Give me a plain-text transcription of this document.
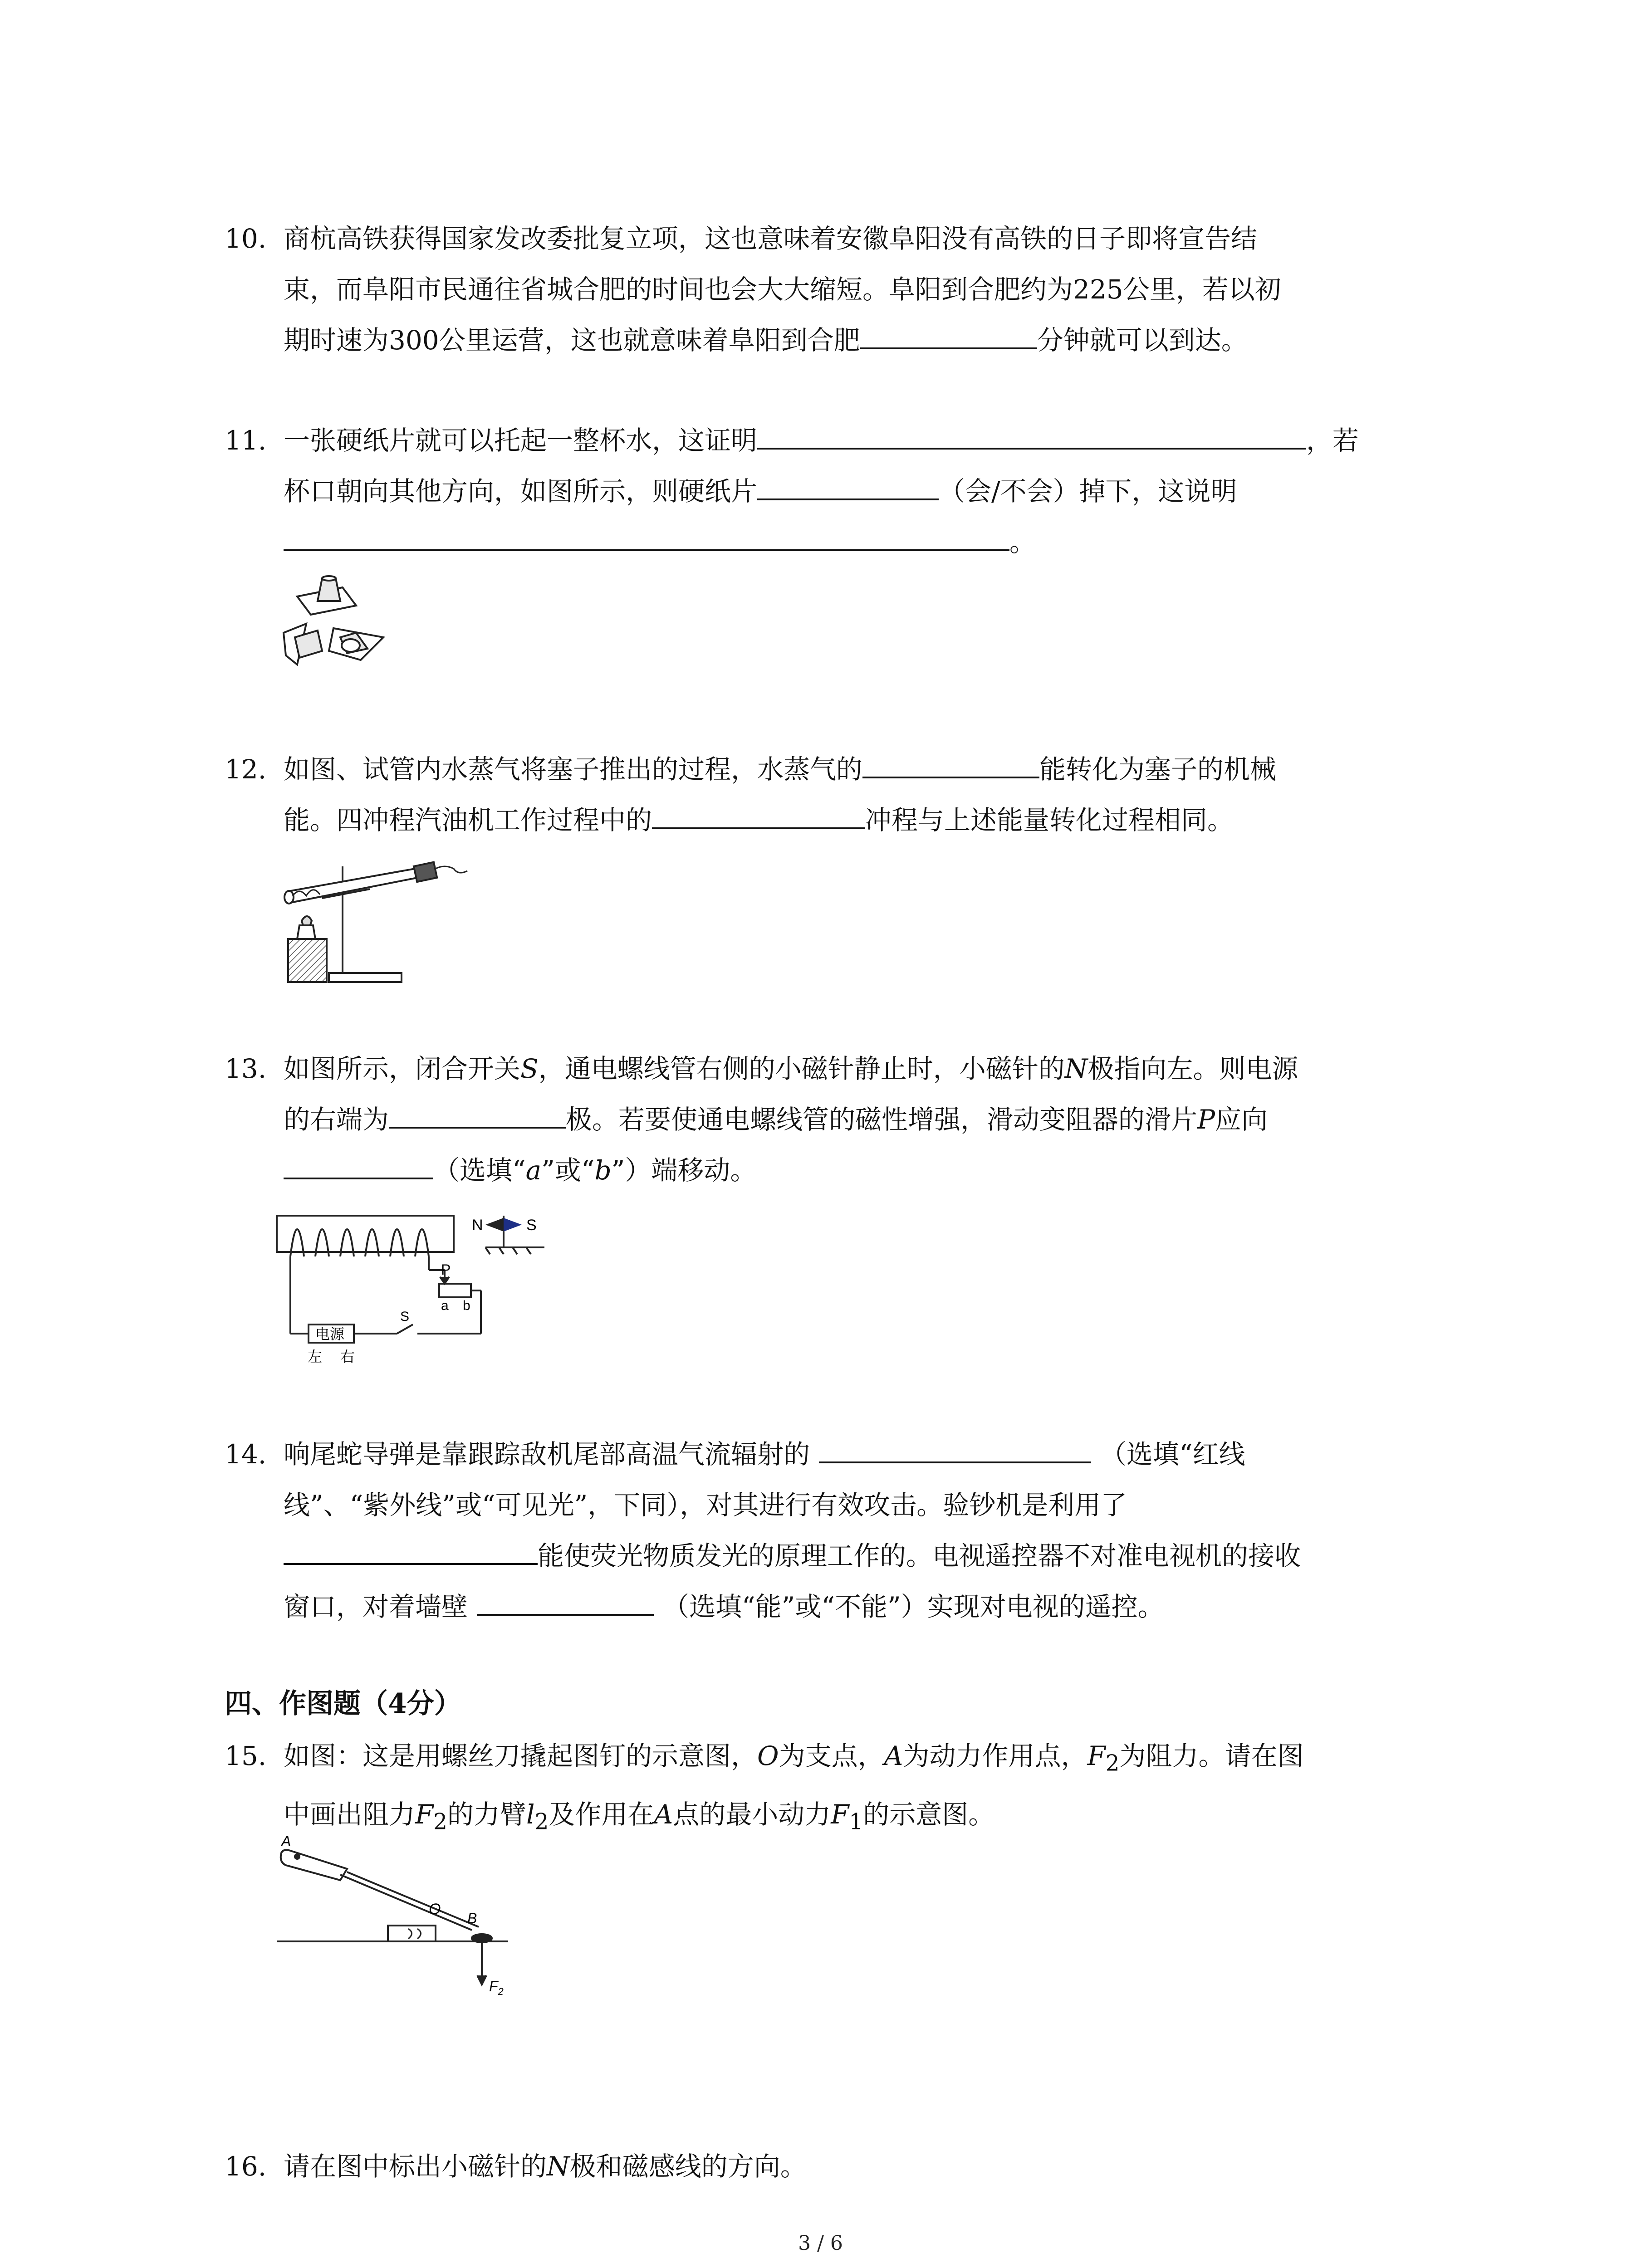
10. 商杭高铁获得国家发改委批复立项，这也意味着安徽阜阳没有高铁的日子即将宣告结
束，而阜阳市民通往省城合肥的时间也会大大缩短。阜阳到合肥约为225公里，若以初
期时速为300公里运营，这也就意味着阜阳到合肥	分钟就可以到达。
11. 一张硬纸片就可以托起一整杯水，这证明	，若
杯口朝向其他方向，如图所示，则硬纸片	（会/不会）掉下，这说明
。
12. 如图、试管内水蒸气将塞子推出的过程，水蒸气的	能转化为塞子的机械
能。四冲程汽油机工作过程中的	冲程与上述能量转化过程相同。
13. 如图所示，闭合开关S，通电螺线管右侧的小磁针静止时，小磁针的N极指向左。则电源
的右端为	极。若要使通电螺线管的磁性增强，滑动变阻器的滑片P应向
（选填“a”或“b”）端移动。
N	S
P
a b
S
电源
左 右
14. 响尾蛇导弹是靠跟踪敌机尾部高温气流辐射的	（选填“红线
线”、“紫外线”或“可见光”，下同），对其进行有效攻击。验钞机是利用了
能使荧光物质发光的原理工作的。电视遥控器不对准电视机的接收
窗口，对着墙壁	（选填“能”或“不能”）实现对电视的遥控。
四、作图题（4分）
15. 如图：这是用螺丝刀撬起图钉的示意图，O为支点，A为动力作用点，$F_2$为阻力。请在图
中画出阻力$F_2$的力臂$l_2$及作用在A点的最小动力$F_1$的示意图。
A
O
B
$F_2$
16. 请在图中标出小磁针的N极和磁感线的方向。
3 / 6
